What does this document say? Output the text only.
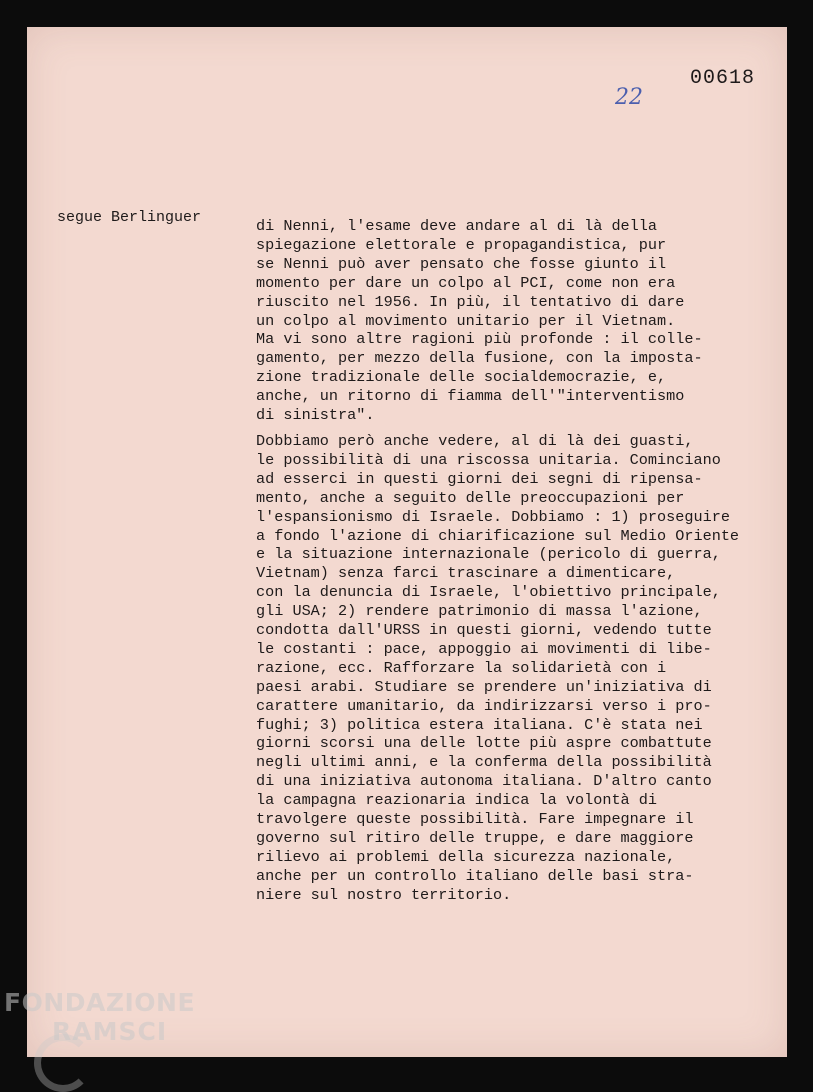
00618
22
segue Berlinguer	di Nenni, l'esame deve andare al di là della
spiegazione elettorale e propagandistica, pur
se Nenni può aver pensato che fosse giunto il
momento per dare un colpo al PCI, come non era
riuscito nel 1956. In più, il tentativo di dare
un colpo al movimento unitario per il Vietnam.
Ma vi sono altre ragioni più profonde : il colle-
gamento, per mezzo della fusione, con la imposta-
zione tradizionale delle socialdemocrazie, e,
anche, un ritorno di fiamma dell'"interventismo
di sinistra".

Dobbiamo però anche vedere, al di là dei guasti,
le possibilità di una riscossa unitaria. Cominciano
ad esserci in questi giorni dei segni di ripensa-
mento, anche a seguito delle preoccupazioni per
l'espansionismo di Israele. Dobbiamo : 1) proseguire
a fondo l'azione di chiarificazione sul Medio Oriente
e la situazione internazionale (pericolo di guerra,
Vietnam) senza farci trascinare a dimenticare,
con la denuncia di Israele, l'obiettivo principale,
gli USA; 2) rendere patrimonio di massa l'azione,
condotta dall'URSS in questi giorni, vedendo tutte
le costanti : pace, appoggio ai movimenti di libe-
razione, ecc. Rafforzare la solidarietà con i
paesi arabi. Studiare se prendere un'iniziativa di
carattere umanitario, da indirizzarsi verso i pro-
fughi; 3) politica estera italiana. C'è stata nei
giorni scorsi una delle lotte più aspre combattute
negli ultimi anni, e la conferma della possibilità
di una iniziativa autonoma italiana. D'altro canto
la campagna reazionaria indica la volontà di
travolgere queste possibilità. Fare impegnare il
governo sul ritiro delle truppe, e dare maggiore
rilievo ai problemi della sicurezza nazionale,
anche per un controllo italiano delle basi stra-
niere sul nostro territorio.

FONDAZIONE
RAMSCI
